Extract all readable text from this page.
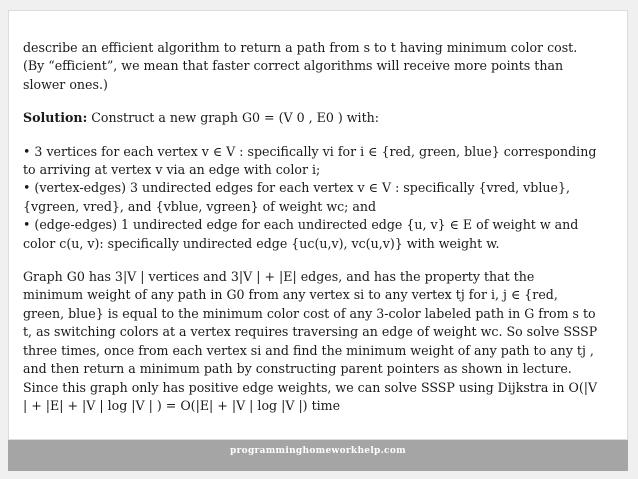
describe an efficient algorithm to return a path from s to t having minimum color cost.
(By “efficient”, we mean that faster correct algorithms will receive more points than
slower ones.)

Solution: Construct a new graph G0 = (V 0 , E0 ) with:

• 3 vertices for each vertex v ∈ V : specifically vi for i ∈ {red, green, blue} corresponding
to arriving at vertex v via an edge with color i;
• (vertex-edges) 3 undirected edges for each vertex v ∈ V : specifically {vred, vblue},
{vgreen, vred}, and {vblue, vgreen} of weight wc; and
• (edge-edges) 1 undirected edge for each undirected edge {u, v} ∈ E of weight w and
color c(u, v): specifically undirected edge {uc(u,v), vc(u,v)} with weight w.

Graph G0 has 3|V | vertices and 3|V | + |E| edges, and has the property that the
minimum weight of any path in G0 from any vertex si to any vertex tj for i, j ∈ {red,
green, blue} is equal to the minimum color cost of any 3-color labeled path in G from s to
t, as switching colors at a vertex requires traversing an edge of weight wc. So solve SSSP
three times, once from each vertex si and find the minimum weight of any path to any tj ,
and then return a minimum path by constructing parent pointers as shown in lecture.
Since this graph only has positive edge weights, we can solve SSSP using Dijkstra in O(|V
| + |E| + |V | log |V | ) = O(|E| + |V | log |V |) time

programminghomeworkhelp.com
